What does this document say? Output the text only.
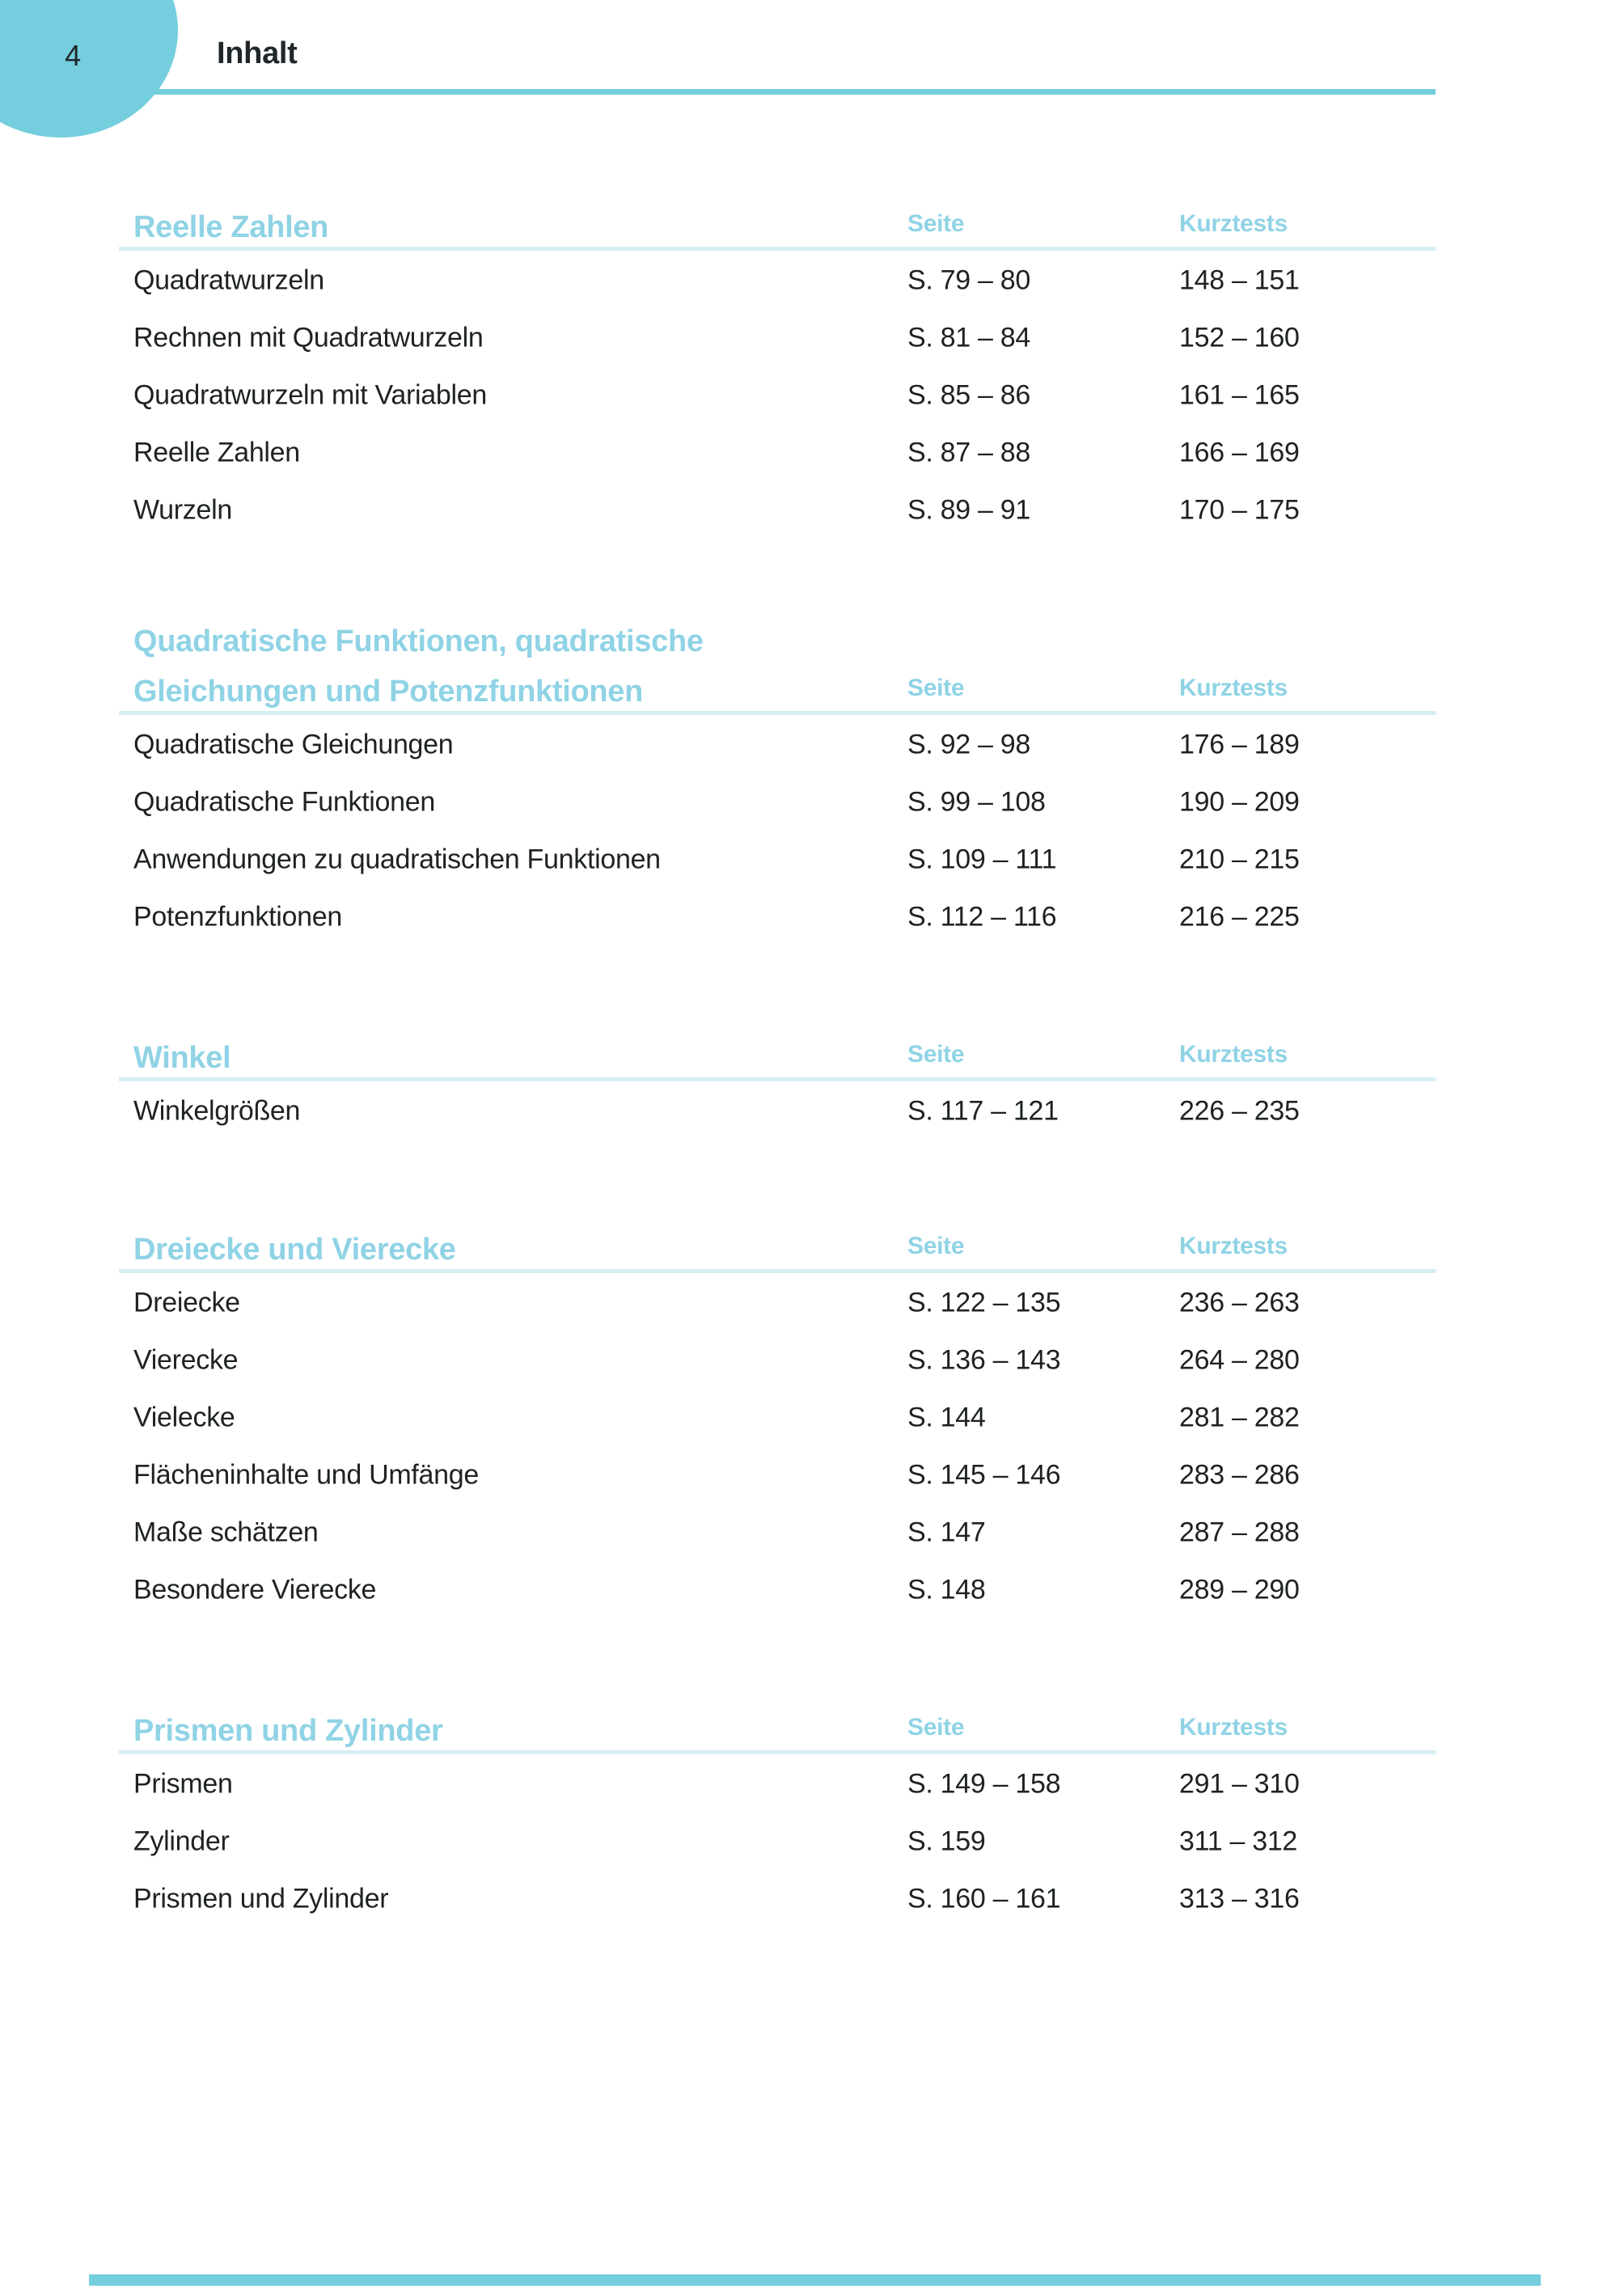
4	Inhalt
Reelle Zahlen	Seite	Kurztests
Quadratwurzeln	S. 79 – 80	148 – 151
Rechnen mit Quadratwurzeln	S. 81 – 84	152 – 160
Quadratwurzeln mit Variablen	S. 85 – 86	161 – 165
Reelle Zahlen	S. 87 – 88	166 – 169
Wurzeln	S. 89 – 91	170 – 175
Quadratische Funktionen, quadratische
Gleichungen und Potenzfunktionen	Seite	Kurztests
Quadratische Gleichungen	S. 92 – 98	176 – 189
Quadratische Funktionen	S. 99 – 108	190 – 209
Anwendungen zu quadratischen Funktionen	S. 109 – 111	210 – 215
Potenzfunktionen	S. 112 – 116	216 – 225
Winkel	Seite	Kurztests
Winkelgrößen	S. 117 – 121	226 – 235
Dreiecke und Vierecke	Seite	Kurztests
Dreiecke	S. 122 – 135	236 – 263
Vierecke	S. 136 – 143	264 – 280
Vielecke	S. 144	281 – 282
Flächeninhalte und Umfänge	S. 145 – 146	283 – 286
Maße schätzen	S. 147	287 – 288
Besondere Vierecke	S. 148	289 – 290
Prismen und Zylinder	Seite	Kurztests
Prismen	S. 149 – 158	291 – 310
Zylinder	S. 159	311 – 312
Prismen und Zylinder	S. 160 – 161	313 – 316
